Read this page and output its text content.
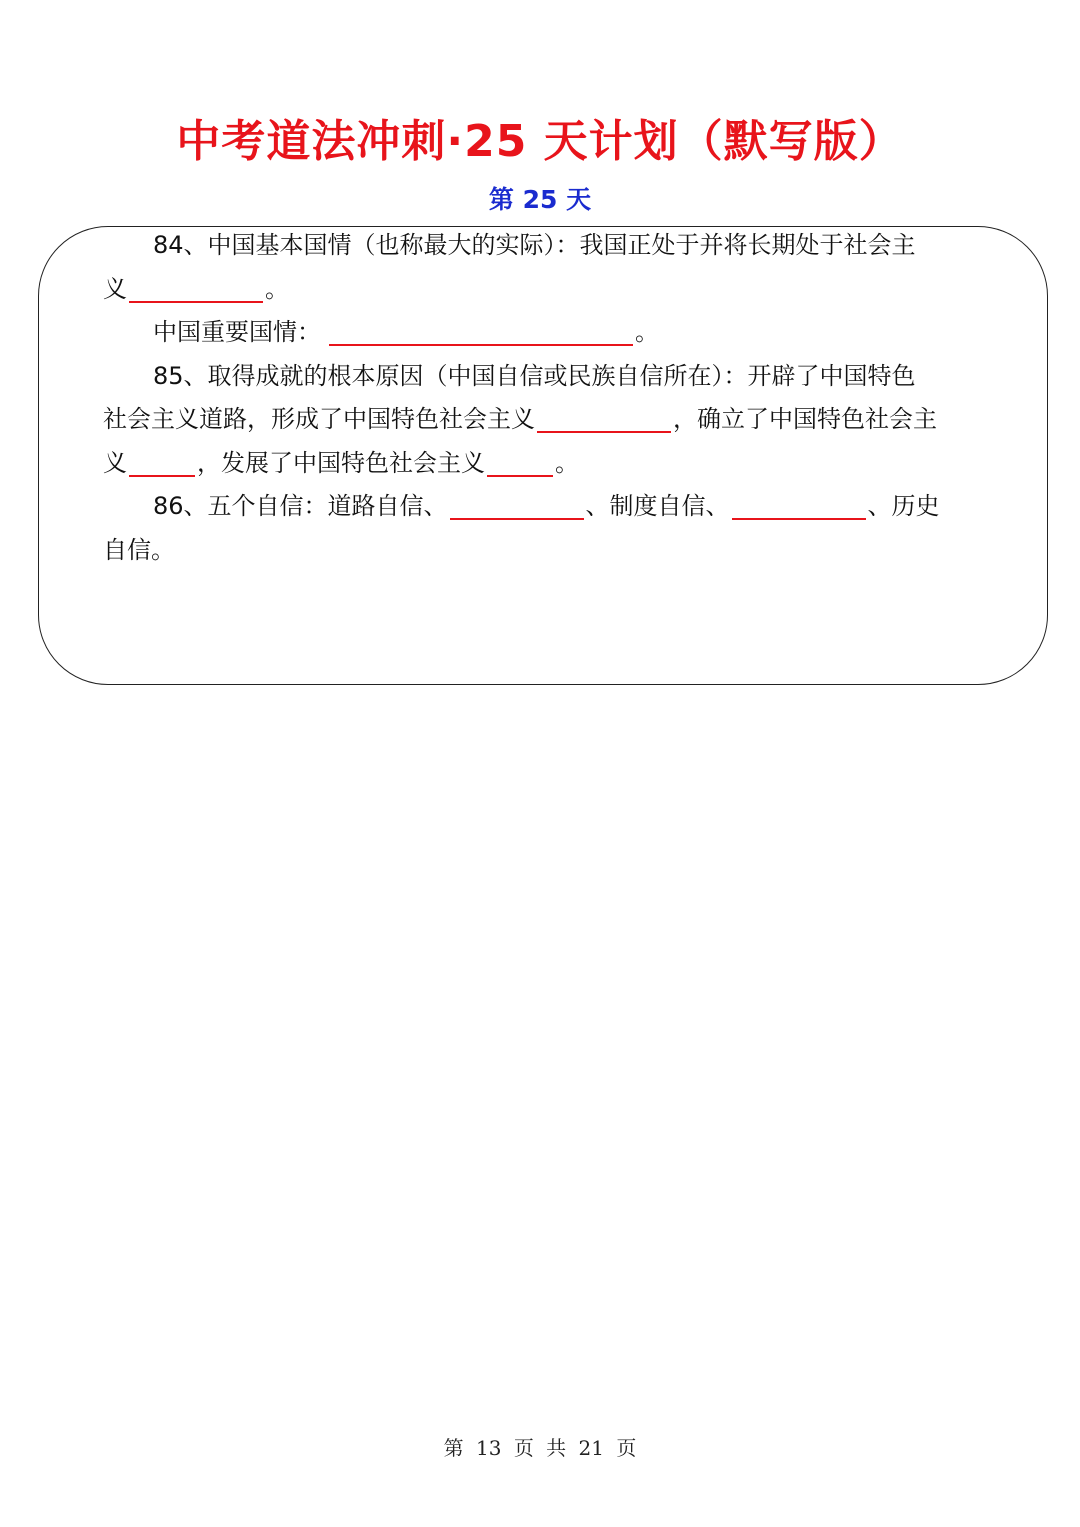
中考道法冲刺·25 天计划（默写版）
第 25 天
84、中国基本国情（也称最大的实际）：我国正处于并将长期处于社会主
义	。
中国重要国情：	。
85、取得成就的根本原因（中国自信或民族自信所在）：开辟了中国特色
社会主义道路，形成了中国特色社会主义	，确立了中国特色社会主
义	，发展了中国特色社会主义	。
86、五个自信：道路自信、	、制度自信、	、历史
自信。
第 13 页 共 21 页
